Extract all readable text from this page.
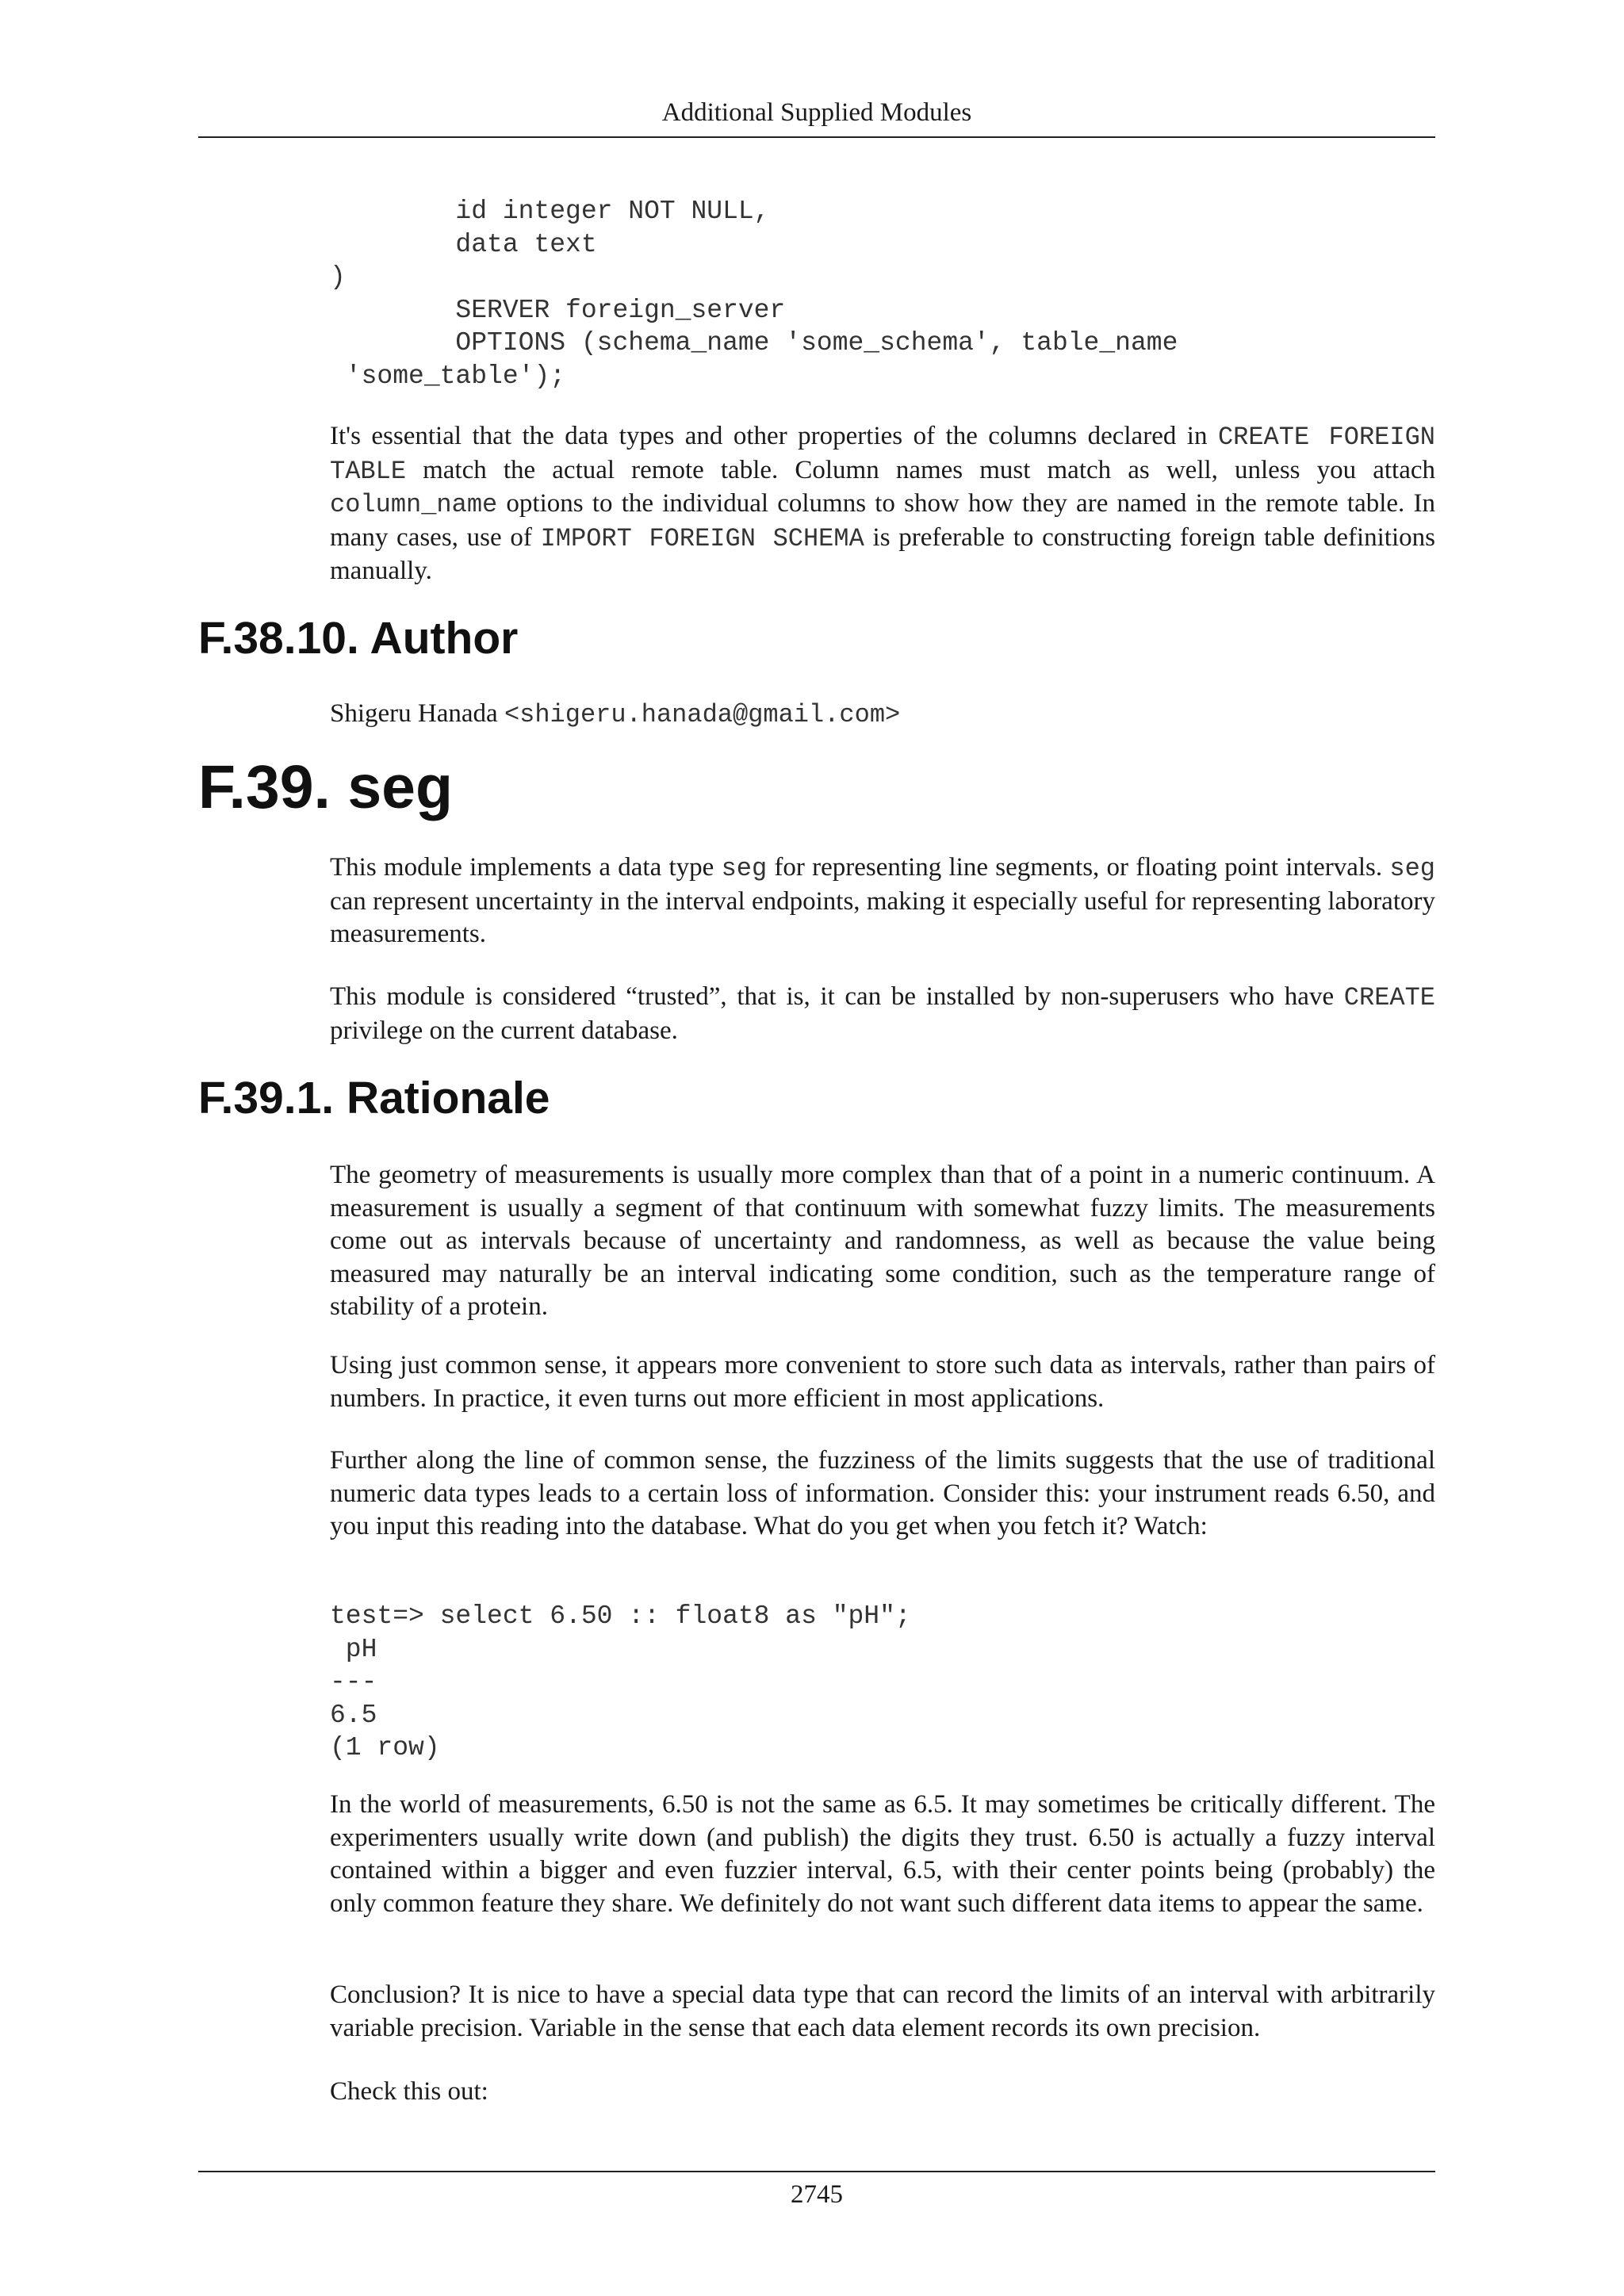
Additional Supplied Modules
id integer NOT NULL,
data text
)
SERVER foreign_server
OPTIONS (schema_name 'some_schema', table_name
'some_table');

It's essential that the data types and other properties of the columns declared in CREATE FOREIGN TABLE match the actual remote table. Column names must match as well, unless you attach column_name options to the individual columns to show how they are named in the remote table. In many cases, use of IMPORT FOREIGN SCHEMA is preferable to constructing foreign table definitions manually.

F.38.10. Author

Shigeru Hanada <shigeru.hanada@gmail.com>

F.39. seg

This module implements a data type seg for representing line segments, or floating point intervals. seg can represent uncertainty in the interval endpoints, making it especially useful for representing laboratory measurements.

This module is considered “trusted”, that is, it can be installed by non-superusers who have CREATE privilege on the current database.

F.39.1. Rationale

The geometry of measurements is usually more complex than that of a point in a numeric continuum. A measurement is usually a segment of that continuum with somewhat fuzzy limits. The measurements come out as intervals because of uncertainty and randomness, as well as because the value being measured may naturally be an interval indicating some condition, such as the temperature range of stability of a protein.

Using just common sense, it appears more convenient to store such data as intervals, rather than pairs of numbers. In practice, it even turns out more efficient in most applications.

Further along the line of common sense, the fuzziness of the limits suggests that the use of traditional numeric data types leads to a certain loss of information. Consider this: your instrument reads 6.50, and you input this reading into the database. What do you get when you fetch it? Watch:

test=> select 6.50 :: float8 as "pH";
pH
---
6.5
(1 row)

In the world of measurements, 6.50 is not the same as 6.5. It may sometimes be critically different. The experimenters usually write down (and publish) the digits they trust. 6.50 is actually a fuzzy interval contained within a bigger and even fuzzier interval, 6.5, with their center points being (probably) the only common feature they share. We definitely do not want such different data items to appear the same.

Conclusion? It is nice to have a special data type that can record the limits of an interval with arbitrarily variable precision. Variable in the sense that each data element records its own precision.

Check this out:

2745
